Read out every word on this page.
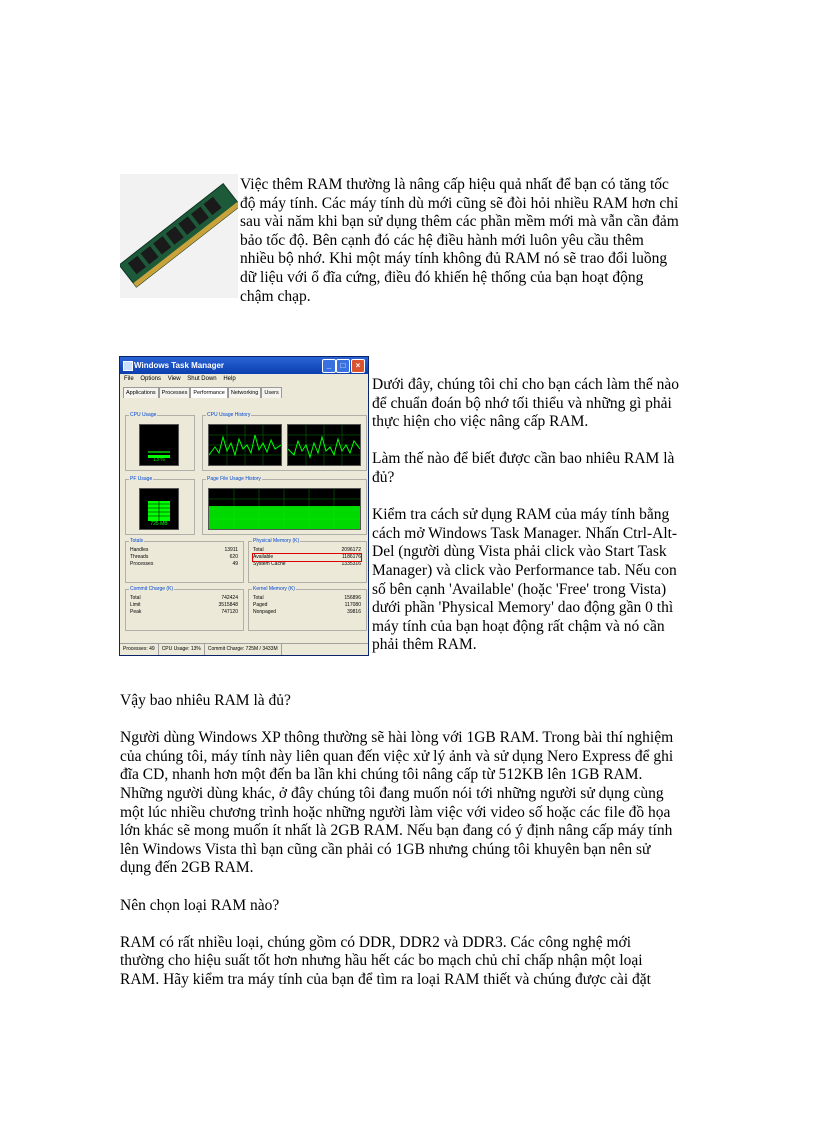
Việc thêm RAM thường là nâng cấp hiệu quả nhất để bạn có tăng tốc
độ máy tính. Các máy tính dù mới cũng sẽ đòi hỏi nhiều RAM hơn chỉ
sau vài năm khi bạn sử dụng thêm các phần mềm mới mà vẫn cần đảm
bảo tốc độ. Bên cạnh đó các hệ điều hành mới luôn yêu cầu thêm
nhiều bộ nhớ. Khi một máy tính không đủ RAM nó sẽ trao đổi luồng
dữ liệu với ổ đĩa cứng, điều đó khiến hệ thống của bạn hoạt động
chậm chạp.

Windows Task Manager	_	□	×
File Options View Shut Down Help
Applications Processes Performance Networking Users
CPU Usage
13 %
CPU Usage History
PF Usage
725 MB
Page File Usage History
Totals
Handles	13911
Threads	620
Processes	49
Physical Memory (K)
Total	2096172
Available	1186176
System Cache	1335316
Commit Charge (K)
Total	742424
Limit	3515848
Peak	747120
Kernel Memory (K)
Total	156896
Paged	117080
Nonpaged	39816
Processes: 49	CPU Usage: 13%	Commit Charge: 725M / 3433M
Dưới đây, chúng tôi chỉ cho bạn cách làm thế nào
để chuẩn đoán bộ nhớ tối thiểu và những gì phải
thực hiện cho việc nâng cấp RAM.
Làm thế nào để biết được cần bao nhiêu RAM là
đủ?
Kiểm tra cách sử dụng RAM của máy tính bằng
cách mở Windows Task Manager. Nhấn Ctrl-Alt-
Del (người dùng Vista phải click vào Start Task
Manager) và click vào Performance tab. Nếu con
số bên cạnh 'Available' (hoặc 'Free' trong Vista)
dưới phần 'Physical Memory' dao động gần 0 thì
máy tính của bạn hoạt động rất chậm và nó cần
phải thêm RAM.
Vậy bao nhiêu RAM là đủ?
Người dùng Windows XP thông thường sẽ hài lòng với 1GB RAM. Trong bài thí nghiệm
của chúng tôi, máy tính này liên quan đến việc xử lý ảnh và sử dụng Nero Express để ghi
đĩa CD, nhanh hơn một đến ba lần khi chúng tôi nâng cấp từ 512KB lên 1GB RAM.
Những người dùng khác, ở đây chúng tôi đang muốn nói tới những người sử dụng cùng
một lúc nhiều chương trình hoặc những người làm việc với video số hoặc các file đồ họa
lớn khác sẽ mong muốn ít nhất là 2GB RAM. Nếu bạn đang có ý định nâng cấp máy tính
lên Windows Vista thì bạn cũng cần phải có 1GB nhưng chúng tôi khuyên bạn nên sử
dụng đến 2GB RAM.
Nên chọn loại RAM nào?
RAM có rất nhiều loại, chúng gồm có DDR, DDR2 và DDR3. Các công nghệ mới
thường cho hiệu suất tốt hơn nhưng hầu hết các bo mạch chủ chỉ chấp nhận một loại
RAM. Hãy kiểm tra máy tính của bạn để tìm ra loại RAM thiết và chúng được cài đặt
